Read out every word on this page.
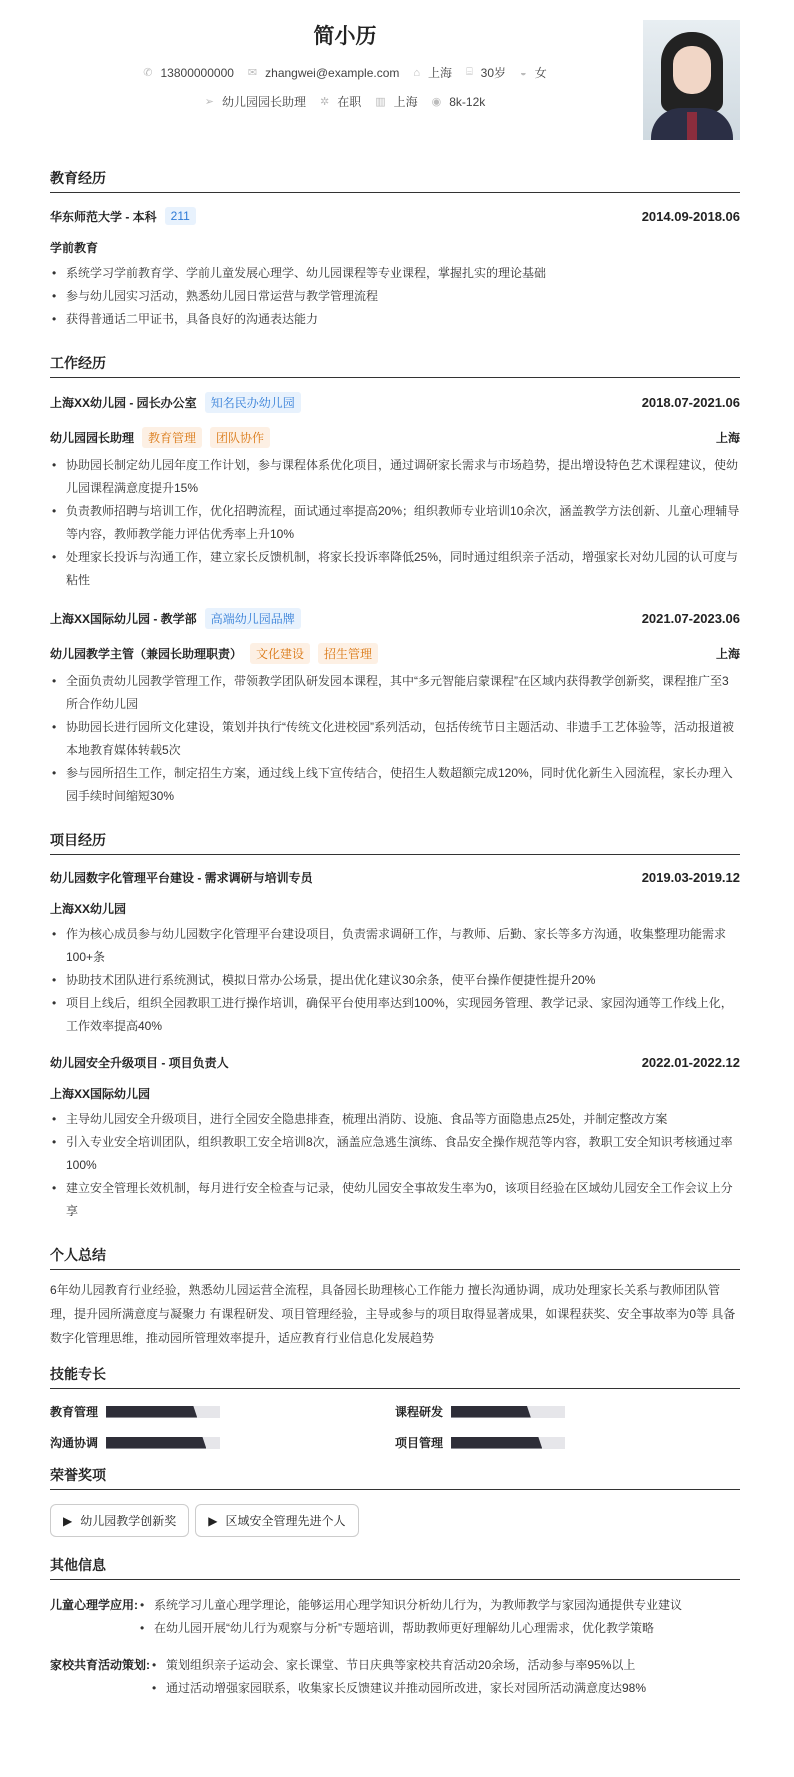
简小历
✆ 13800000000 ✉ zhangwei@example.com ⌂ 上海 ⌸ 30岁 ◒ 女
➢ 幼儿园园长助理 ✲ 在职 ▥ 上海 ◉ 8k-12k
教育经历
华东师范大学 - 本科	211	2014.09-2018.06
学前教育
• 系统学习学前教育学、学前儿童发展心理学、幼儿园课程等专业课程，掌握扎实的理论基础
• 参与幼儿园实习活动，熟悉幼儿园日常运营与教学管理流程
• 获得普通话二甲证书，具备良好的沟通表达能力
工作经历
上海XX幼儿园 - 园长办公室	知名民办幼儿园	2018.07-2021.06
幼儿园园长助理	教育管理	团队协作	上海
• 协助园长制定幼儿园年度工作计划，参与课程体系优化项目，通过调研家长需求与市场趋势，提出增设特色艺术课程建议，使幼儿园课程满意度提升15%
• 负责教师招聘与培训工作，优化招聘流程，面试通过率提高20%；组织教师专业培训10余次，涵盖教学方法创新、儿童心理辅导等内容，教师教学能力评估优秀率上升10%
• 处理家长投诉与沟通工作，建立家长反馈机制，将家长投诉率降低25%，同时通过组织亲子活动，增强家长对幼儿园的认可度与粘性
上海XX国际幼儿园 - 教学部	高端幼儿园品牌	2021.07-2023.06
幼儿园教学主管（兼园长助理职责）	文化建设	招生管理	上海
• 全面负责幼儿园教学管理工作，带领教学团队研发园本课程，其中“多元智能启蒙课程”在区域内获得教学创新奖，课程推广至3所合作幼儿园
• 协助园长进行园所文化建设，策划并执行“传统文化进校园”系列活动，包括传统节日主题活动、非遗手工艺体验等，活动报道被本地教育媒体转载5次
• 参与园所招生工作，制定招生方案，通过线上线下宣传结合，使招生人数超额完成120%，同时优化新生入园流程，家长办理入园手续时间缩短30%
项目经历
幼儿园数字化管理平台建设 - 需求调研与培训专员	2019.03-2019.12
上海XX幼儿园
• 作为核心成员参与幼儿园数字化管理平台建设项目，负责需求调研工作，与教师、后勤、家长等多方沟通，收集整理功能需求100+条
• 协助技术团队进行系统测试，模拟日常办公场景，提出优化建议30余条，使平台操作便捷性提升20%
• 项目上线后，组织全园教职工进行操作培训，确保平台使用率达到100%，实现园务管理、教学记录、家园沟通等工作线上化，工作效率提高40%
幼儿园安全升级项目 - 项目负责人	2022.01-2022.12
上海XX国际幼儿园
• 主导幼儿园安全升级项目，进行全园安全隐患排查，梳理出消防、设施、食品等方面隐患点25处，并制定整改方案
• 引入专业安全培训团队，组织教职工安全培训8次，涵盖应急逃生演练、食品安全操作规范等内容，教职工安全知识考核通过率100%
• 建立安全管理长效机制，每月进行安全检查与记录，使幼儿园安全事故发生率为0，该项目经验在区域幼儿园安全工作会议上分享
个人总结
6年幼儿园教育行业经验，熟悉幼儿园运营全流程，具备园长助理核心工作能力 擅长沟通协调，成功处理家长关系与教师团队管理，提升园所满意度与凝聚力 有课程研发、项目管理经验，主导或参与的项目取得显著成果，如课程获奖、安全事故率为0等 具备数字化管理思维，推动园所管理效率提升，适应教育行业信息化发展趋势
技能专长
教育管理	课程研发
沟通协调	项目管理
荣誉奖项
▶ 幼儿园教学创新奖	▶ 区域安全管理先进个人
其他信息
儿童心理学应用:	• 系统学习儿童心理学理论，能够运用心理学知识分析幼儿行为，为教师教学与家园沟通提供专业建议
• 在幼儿园开展“幼儿行为观察与分析”专题培训，帮助教师更好理解幼儿心理需求，优化教学策略
家校共育活动策划:	• 策划组织亲子运动会、家长课堂、节日庆典等家校共育活动20余场，活动参与率95%以上
• 通过活动增强家园联系，收集家长反馈建议并推动园所改进，家长对园所活动满意度达98%
